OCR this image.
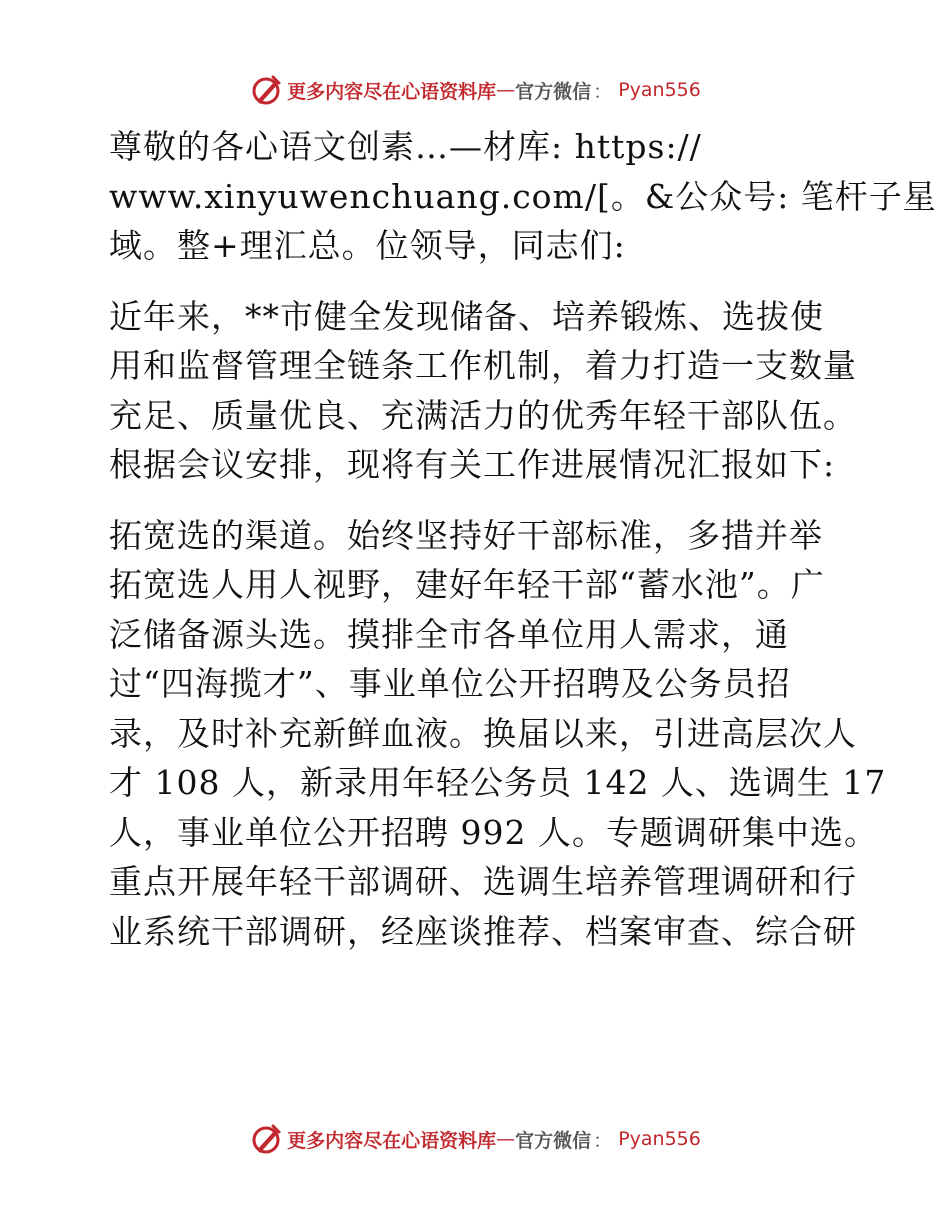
更多内容尽在心语资料库 — 官方微信 ： Pyan556

尊敬的各心语文创素…—材库: https://
www.xinyuwenchuang.com/[。&公众号: 笔杆子星
域。整+理汇总。位领导，同志们:

近年来，**市健全发现储备、培养锻炼、选拔使
用和监督管理全链条工作机制，着力打造一支数量
充足、质量优良、充满活力的优秀年轻干部队伍。
根据会议安排，现将有关工作进展情况汇报如下:

拓宽选的渠道。始终坚持好干部标准，多措并举
拓宽选人用人视野，建好年轻干部“蓄水池”。广
泛储备源头选。摸排全市各单位用人需求，通
过“四海揽才”、事业单位公开招聘及公务员招
录，及时补充新鲜血液。换届以来，引进高层次人
才 108 人，新录用年轻公务员 142 人、选调生 17
人，事业单位公开招聘 992 人。专题调研集中选。
重点开展年轻干部调研、选调生培养管理调研和行
业系统干部调研，经座谈推荐、档案审查、综合研

更多内容尽在心语资料库 — 官方微信 ： Pyan556
